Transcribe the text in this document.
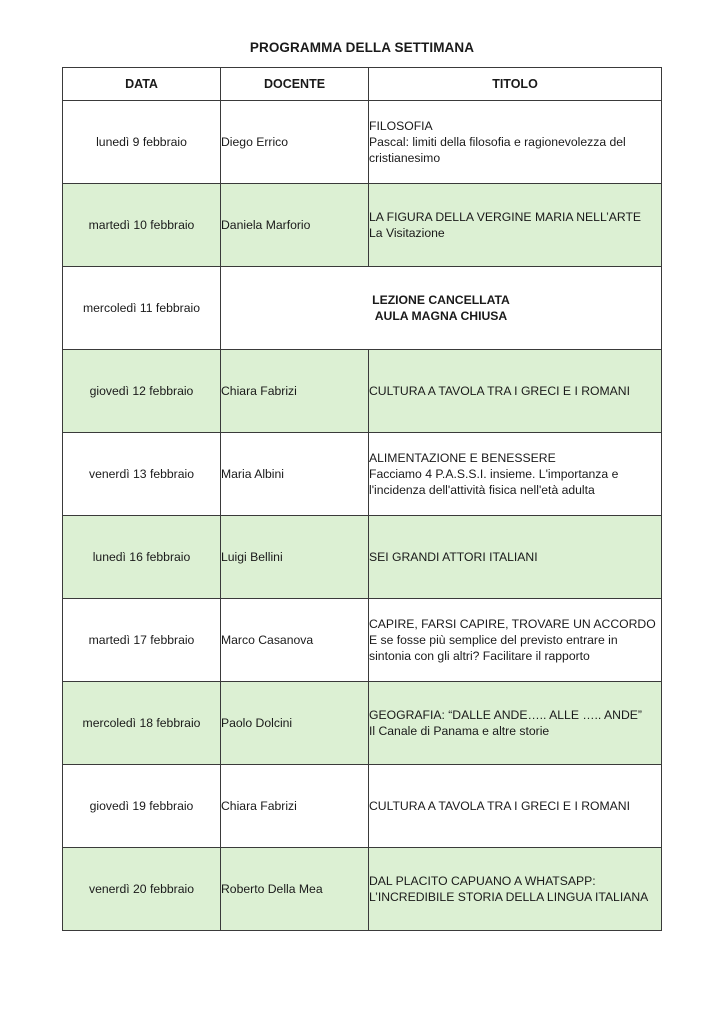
PROGRAMMA DELLA SETTIMANA
DATA	DOCENTE	TITOLO
lunedì 9 febbraio	Diego Errico	FILOSOFIA
Pascal: limiti della filosofia e ragionevolezza del cristianesimo

martedì 10 febbraio	Daniela Marforio	LA FIGURA DELLA VERGINE MARIA NELL’ARTE
La Visitazione

mercoledì 11 febbraio	LEZIONE CANCELLATA
AULA MAGNA CHIUSA	

giovedì 12 febbraio	Chiara Fabrizi	CULTURA A TAVOLA TRA I GRECI E I ROMANI

venerdì 13 febbraio	Maria Albini	ALIMENTAZIONE E BENESSERE
Facciamo 4 P.A.S.S.I. insieme. L'importanza e l'incidenza dell'attività fisica nell'età adulta

lunedì 16 febbraio	Luigi Bellini	SEI GRANDI ATTORI ITALIANI

martedì 17 febbraio	Marco Casanova	CAPIRE, FARSI CAPIRE, TROVARE UN ACCORDO
E se fosse più semplice del previsto entrare in sintonia con gli altri? Facilitare il rapporto

mercoledì 18 febbraio	Paolo Dolcini	GEOGRAFIA: “DALLE ANDE….. ALLE ….. ANDE”
Il Canale di Panama e altre storie

giovedì 19 febbraio	Chiara Fabrizi	CULTURA A TAVOLA TRA I GRECI E I ROMANI

venerdì 20 febbraio	Roberto Della Mea	DAL PLACITO CAPUANO A WHATSAPP: L’INCREDIBILE STORIA DELLA LINGUA ITALIANA
